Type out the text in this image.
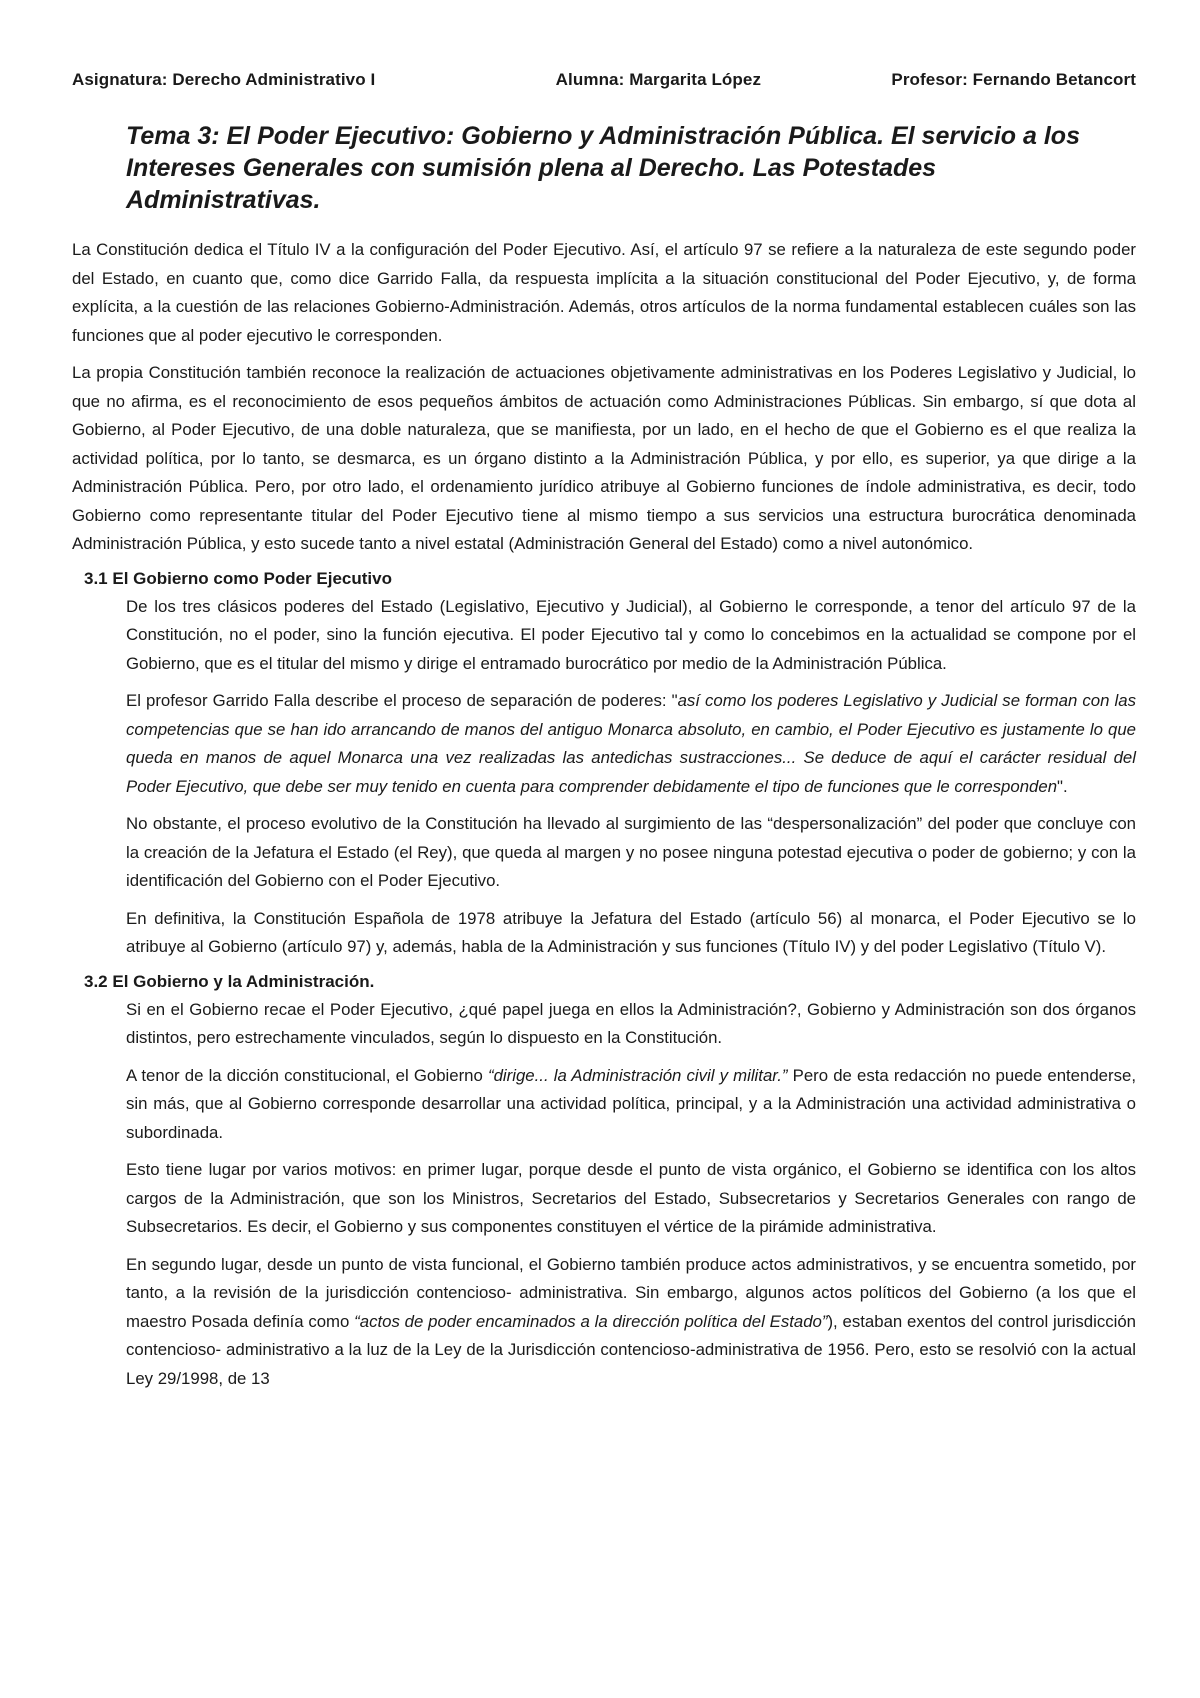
Asignatura: Derecho Administrativo I	Alumna: Margarita López	Profesor: Fernando Betancort
Tema 3: El Poder Ejecutivo: Gobierno y Administración Pública. El servicio a los Intereses Generales con sumisión plena al Derecho. Las Potestades Administrativas.

La Constitución dedica el Título IV a la configuración del Poder Ejecutivo. Así, el artículo 97 se refiere a la naturaleza de este segundo poder del Estado, en cuanto que, como dice Garrido Falla, da respuesta implícita a la situación constitucional del Poder Ejecutivo, y, de forma explícita, a la cuestión de las relaciones Gobierno-Administración. Además, otros artículos de la norma fundamental establecen cuáles son las funciones que al poder ejecutivo le corresponden.

La propia Constitución también reconoce la realización de actuaciones objetivamente administrativas en los Poderes Legislativo y Judicial, lo que no afirma, es el reconocimiento de esos pequeños ámbitos de actuación como Administraciones Públicas. Sin embargo, sí que dota al Gobierno, al Poder Ejecutivo, de una doble naturaleza, que se manifiesta, por un lado, en el hecho de que el Gobierno es el que realiza la actividad política, por lo tanto, se desmarca, es un órgano distinto a la Administración Pública, y por ello, es superior, ya que dirige a la Administración Pública. Pero, por otro lado, el ordenamiento jurídico atribuye al Gobierno funciones de índole administrativa, es decir, todo Gobierno como representante titular del Poder Ejecutivo tiene al mismo tiempo a sus servicios una estructura burocrática denominada Administración Pública, y esto sucede tanto a nivel estatal (Administración General del Estado) como a nivel autonómico.

3.1 El Gobierno como Poder Ejecutivo

De los tres clásicos poderes del Estado (Legislativo, Ejecutivo y Judicial), al Gobierno le corresponde, a tenor del artículo 97 de la Constitución, no el poder, sino la función ejecutiva. El poder Ejecutivo tal y como lo concebimos en la actualidad se compone por el Gobierno, que es el titular del mismo y dirige el entramado burocrático por medio de la Administración Pública.

El profesor Garrido Falla describe el proceso de separación de poderes: "así como los poderes Legislativo y Judicial se forman con las competencias que se han ido arrancando de manos del antiguo Monarca absoluto, en cambio, el Poder Ejecutivo es justamente lo que queda en manos de aquel Monarca una vez realizadas las antedichas sustracciones... Se deduce de aquí el carácter residual del Poder Ejecutivo, que debe ser muy tenido en cuenta para comprender debidamente el tipo de funciones que le corresponden".

No obstante, el proceso evolutivo de la Constitución ha llevado al surgimiento de las “despersonalización” del poder que concluye con la creación de la Jefatura el Estado (el Rey), que queda al margen y no posee ninguna potestad ejecutiva o poder de gobierno; y con la identificación del Gobierno con el Poder Ejecutivo.

En definitiva, la Constitución Española de 1978 atribuye la Jefatura del Estado (artículo 56) al monarca, el Poder Ejecutivo se lo atribuye al Gobierno (artículo 97) y, además, habla de la Administración y sus funciones (Título IV) y del poder Legislativo (Título V).

3.2 El Gobierno y la Administración.

Si en el Gobierno recae el Poder Ejecutivo, ¿qué papel juega en ellos la Administración?, Gobierno y Administración son dos órganos distintos, pero estrechamente vinculados, según lo dispuesto en la Constitución.

A tenor de la dicción constitucional, el Gobierno “dirige... la Administración civil y militar.” Pero de esta redacción no puede entenderse, sin más, que al Gobierno corresponde desarrollar una actividad política, principal, y a la Administración una actividad administrativa o subordinada.

Esto tiene lugar por varios motivos: en primer lugar, porque desde el punto de vista orgánico, el Gobierno se identifica con los altos cargos de la Administración, que son los Ministros, Secretarios del Estado, Subsecretarios y Secretarios Generales con rango de Subsecretarios. Es decir, el Gobierno y sus componentes constituyen el vértice de la pirámide administrativa.

En segundo lugar, desde un punto de vista funcional, el Gobierno también produce actos administrativos, y se encuentra sometido, por tanto, a la revisión de la jurisdicción contencioso- administrativa. Sin embargo, algunos actos políticos del Gobierno (a los que el maestro Posada definía como “actos de poder encaminados a la dirección política del Estado”), estaban exentos del control jurisdicción contencioso- administrativo a la luz de la Ley de la Jurisdicción contencioso-administrativa de 1956. Pero, esto se resolvió con la actual Ley 29/1998, de 13
